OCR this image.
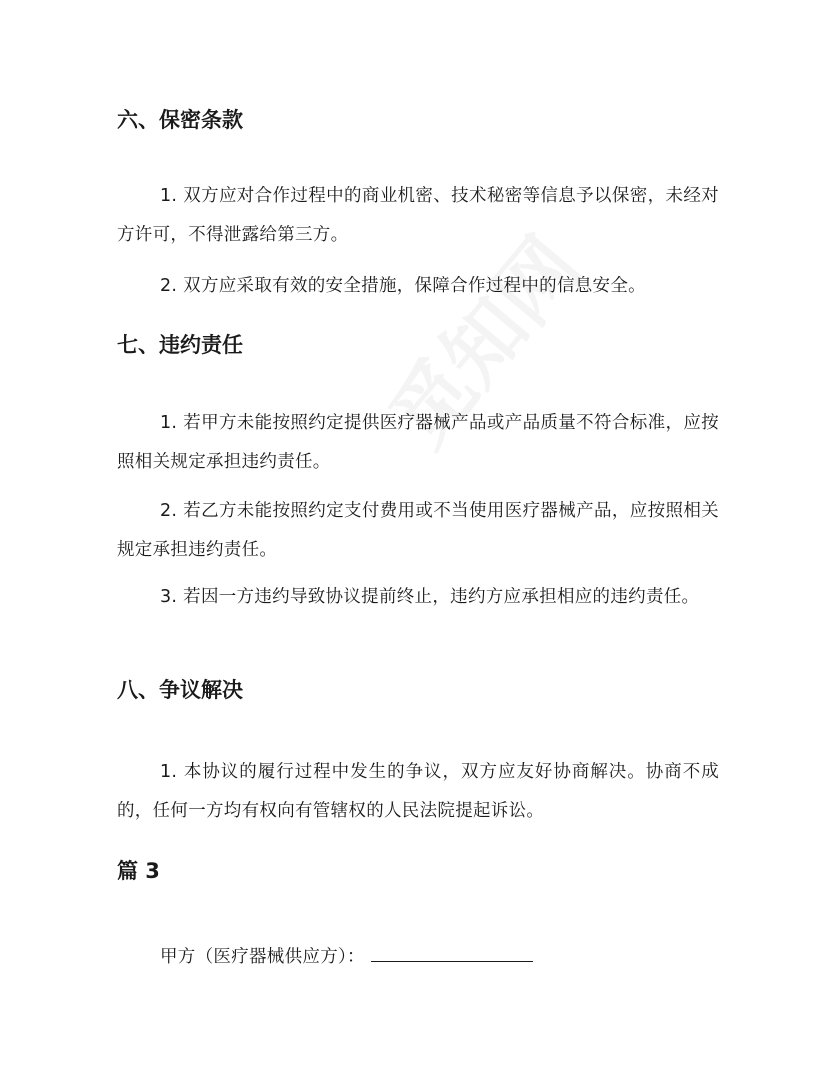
六、保密条款

1. 双方应对合作过程中的商业机密、技术秘密等信息予以保密，未经对方许可，不得泄露给第三方。

2. 双方应采取有效的安全措施，保障合作过程中的信息安全。

七、违约责任

1. 若甲方未能按照约定提供医疗器械产品或产品质量不符合标准，应按照相关规定承担违约责任。

2. 若乙方未能按照约定支付费用或不当使用医疗器械产品，应按照相关规定承担违约责任。

3. 若因一方违约导致协议提前终止，违约方应承担相应的违约责任。

八、争议解决

1. 本协议的履行过程中发生的争议，双方应友好协商解决。协商不成的，任何一方均有权向有管辖权的人民法院提起诉讼。

篇 3

甲方（医疗器械供应方）：
